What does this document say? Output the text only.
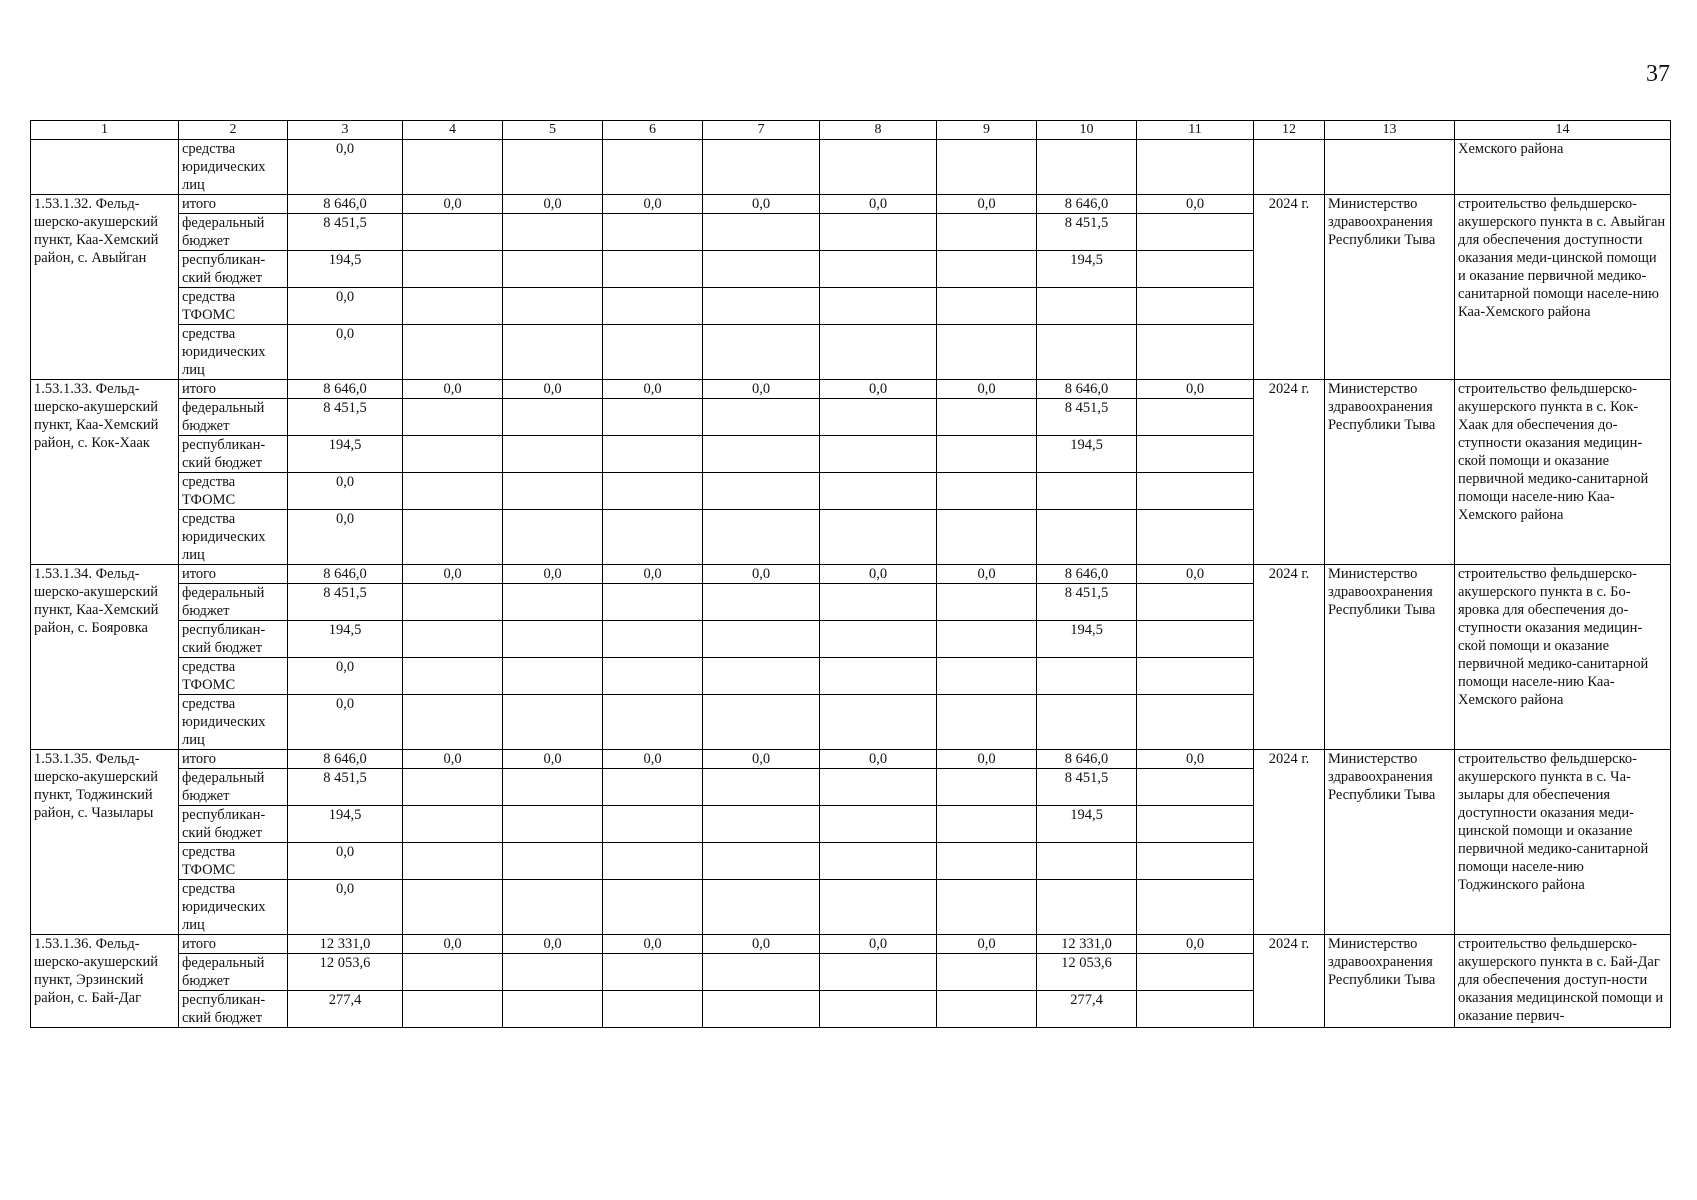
37
1	2	3	4	5	6	7	8	9	10	11	12	13	14
	средства
юридических
лиц	0,0											Хемского района
1.53.1.32. Фельд-шерско-акушерский пункт, Каа-Хемский район, с. Авыйган	итого	8 646,0	0,0	0,0	0,0	0,0	0,0	0,0	8 646,0	0,0	2024 г.	Министерство здравоохранения Республики Тыва	строительство фельдшерско-акушерского пункта в с. Авыйган для обеспечения доступности оказания меди-цинской помощи и оказание первичной медико-санитарной помощи населе-нию Каа-Хемского района
	федеральный бюджет	8 451,5							8 451,5				
	республикан-ский бюджет	194,5							194,5				
	средства ТФОМС	0,0											
	средства юридических лиц	0,0											
1.53.1.33. Фельд-шерско-акушерский пункт, Каа-Хемский район, с. Кок-Хаак	итого	8 646,0	0,0	0,0	0,0	0,0	0,0	0,0	8 646,0	0,0	2024 г.	Министерство здравоохранения Республики Тыва	строительство фельдшерско-акушерского пункта в с. Кок-Хаак для обеспечения до-ступности оказания медицин-ской помощи и оказание первичной медико-санитарной помощи населе-нию Каа-Хемского района
	федеральный бюджет	8 451,5							8 451,5				
	республикан-ский бюджет	194,5							194,5				
	средства ТФОМС	0,0											
	средства юридических лиц	0,0											
1.53.1.34. Фельд-шерско-акушерский пункт, Каа-Хемский район, с. Бояровка	итого	8 646,0	0,0	0,0	0,0	0,0	0,0	0,0	8 646,0	0,0	2024 г.	Министерство здравоохранения Республики Тыва	строительство фельдшерско-акушерского пункта в с. Бо-яровка для обеспечения до-ступности оказания медицин-ской помощи и оказание первичной медико-санитарной помощи населе-нию Каа-Хемского района
	федеральный бюджет	8 451,5							8 451,5				
	республикан-ский бюджет	194,5							194,5				
	средства ТФОМС	0,0											
	средства юридических лиц	0,0											
1.53.1.35. Фельд-шерско-акушерский пункт, Тоджинский район, с. Чазылары	итого	8 646,0	0,0	0,0	0,0	0,0	0,0	0,0	8 646,0	0,0	2024 г.	Министерство здравоохранения Республики Тыва	строительство фельдшерско-акушерского пункта в с. Ча-зылары для обеспечения доступности оказания меди-цинской помощи и оказание первичной медико-санитарной помощи населе-нию Тоджинского района
	федеральный бюджет	8 451,5							8 451,5				
	республикан-ский бюджет	194,5							194,5				
	средства ТФОМС	0,0											
	средства юридических лиц	0,0											
1.53.1.36. Фельд-шерско-акушерский пункт, Эрзинский район, с. Бай-Даг	итого	12 331,0	0,0	0,0	0,0	0,0	0,0	0,0	12 331,0	0,0	2024 г.	Министерство здравоохранения Республики Тыва	строительство фельдшерско-акушерского пункта в с. Бай-Даг для обеспечения доступ-ности оказания медицинской помощи и оказание первич-
	федеральный бюджет	12 053,6							12 053,6				
	республикан-ский бюджет	277,4							277,4				
